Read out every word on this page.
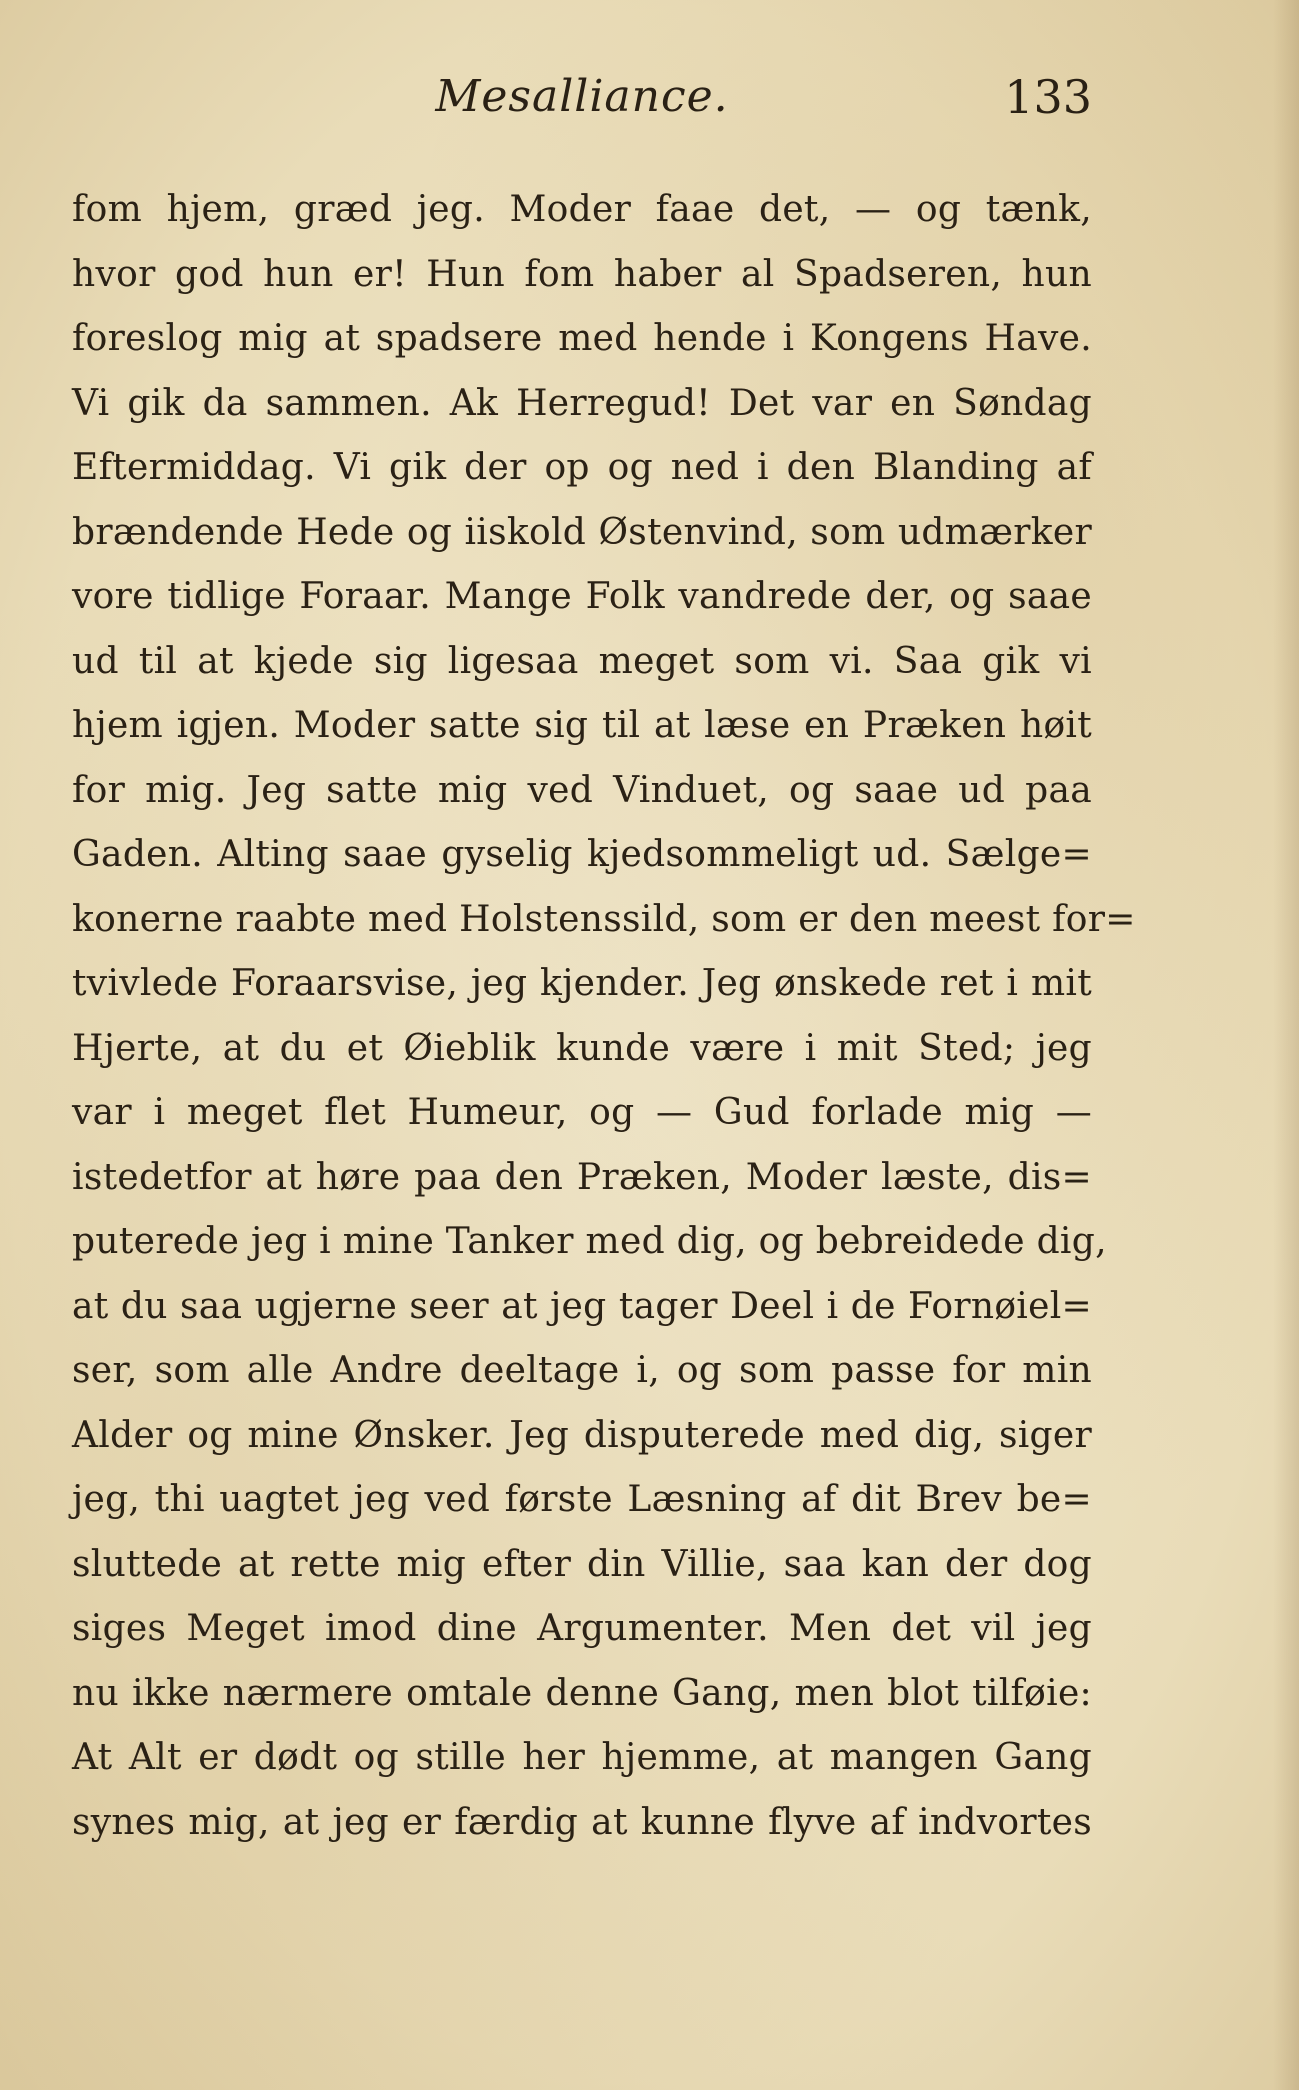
Mesalliance.	133
fom hjem, græd jeg. Moder faae det, — og tænk,
hvor god hun er! Hun fom haber al Spadseren, hun
foreslog mig at spadsere med hende i Kongens Have.
Vi gik da sammen. Ak Herregud! Det var en Søndag
Eftermiddag. Vi gik der op og ned i den Blanding af
brændende Hede og iiskold Østenvind, som udmærker
vore tidlige Foraar. Mange Folk vandrede der, og saae
ud til at kjede sig ligesaa meget som vi. Saa gik vi
hjem igjen. Moder satte sig til at læse en Præken høit
for mig. Jeg satte mig ved Vinduet, og saae ud paa
Gaden. Alting saae gyselig kjedsommeligt ud. Sælge=
konerne raabte med Holstenssild, som er den meest for=
tvivlede Foraarsvise, jeg kjender. Jeg ønskede ret i mit
Hjerte, at du et Øieblik kunde være i mit Sted; jeg
var i meget flet Humeur, og — Gud forlade mig —
istedetfor at høre paa den Præken, Moder læste, dis=
puterede jeg i mine Tanker med dig, og bebreidede dig,
at du saa ugjerne seer at jeg tager Deel i de Fornøiel=
ser, som alle Andre deeltage i, og som passe for min
Alder og mine Ønsker. Jeg disputerede med dig, siger
jeg, thi uagtet jeg ved første Læsning af dit Brev be=
sluttede at rette mig efter din Villie, saa kan der dog
siges Meget imod dine Argumenter. Men det vil jeg
nu ikke nærmere omtale denne Gang, men blot tilføie:
At Alt er dødt og stille her hjemme, at mangen Gang
synes mig, at jeg er færdig at kunne flyve af indvortes
